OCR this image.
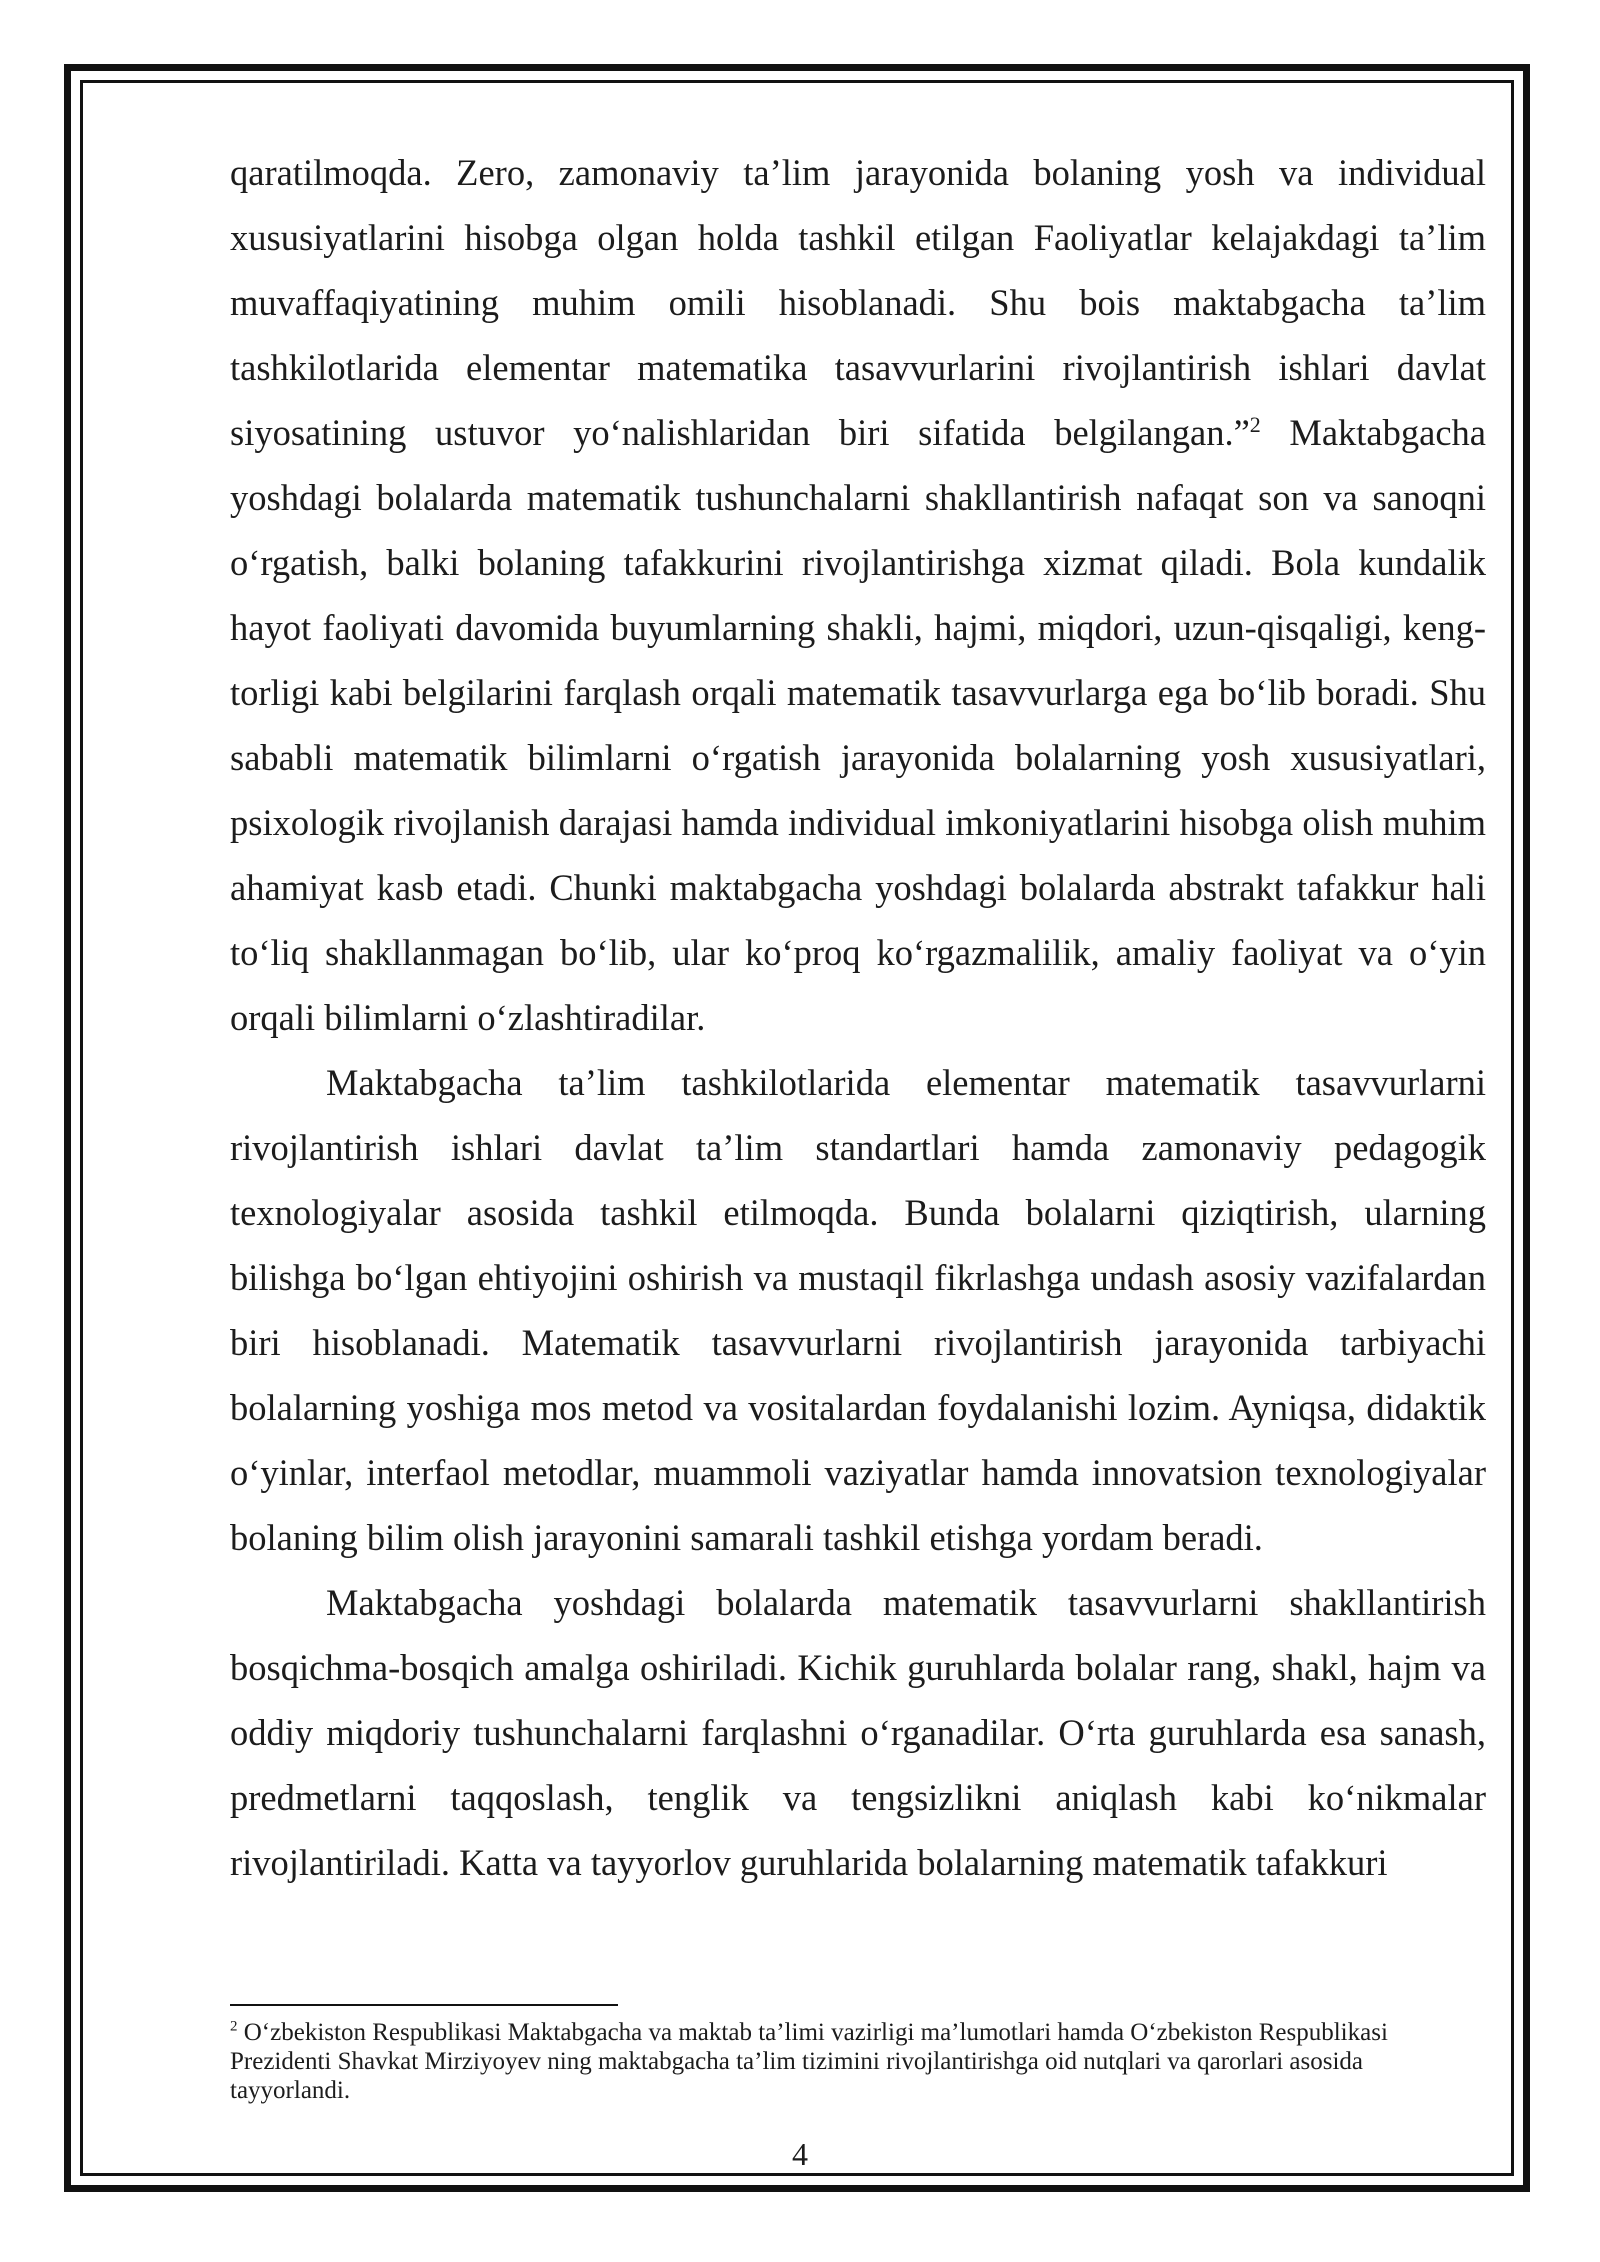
qaratilmoqda. Zero, zamonaviy ta’lim jarayonida bolaning yosh va individual xususiyatlarini hisobga olgan holda tashkil etilgan Faoliyatlar kelajakdagi ta’lim muvaffaqiyatining muhim omili hisoblanadi. Shu bois maktabgacha ta’lim tashkilotlarida elementar matematika tasavvurlarini rivojlantirish ishlari davlat siyosatining ustuvor yoʻnalishlaridan biri sifatida belgilangan.”$^2$ Maktabgacha yoshdagi bolalarda matematik tushunchalarni shakllantirish nafaqat son va sanoqni oʻrgatish, balki bolaning tafakkurini rivojlantirishga xizmat qiladi. Bola kundalik hayot faoliyati davomida buyumlarning shakli, hajmi, miqdori, uzun-qisqaligi, keng-torligi kabi belgilarini farqlash orqali matematik tasavvurlarga ega boʻlib boradi. Shu sababli matematik bilimlarni oʻrgatish jarayonida bolalarning yosh xususiyatlari, psixologik rivojlanish darajasi hamda individual imkoniyatlarini hisobga olish muhim ahamiyat kasb etadi. Chunki maktabgacha yoshdagi bolalarda abstrakt tafakkur hali toʻliq shakllanmagan boʻlib, ular koʻproq koʻrgazmalilik, amaliy faoliyat va oʻyin orqali bilimlarni oʻzlashtiradilar.

Maktabgacha ta’lim tashkilotlarida elementar matematik tasavvurlarni rivojlantirish ishlari davlat ta’lim standartlari hamda zamonaviy pedagogik texnologiyalar asosida tashkil etilmoqda. Bunda bolalarni qiziqtirish, ularning bilishga boʻlgan ehtiyojini oshirish va mustaqil fikrlashga undash asosiy vazifalardan biri hisoblanadi. Matematik tasavvurlarni rivojlantirish jarayonida tarbiyachi bolalarning yoshiga mos metod va vositalardan foydalanishi lozim. Ayniqsa, didaktik oʻyinlar, interfaol metodlar, muammoli vaziyatlar hamda innovatsion texnologiyalar bolaning bilim olish jarayonini samarali tashkil etishga yordam beradi.

Maktabgacha yoshdagi bolalarda matematik tasavvurlarni shakllantirish bosqichma-bosqich amalga oshiriladi. Kichik guruhlarda bolalar rang, shakl, hajm va oddiy miqdoriy tushunchalarni farqlashni oʻrganadilar. Oʻrta guruhlarda esa sanash, predmetlarni taqqoslash, tenglik va tengsizlikni aniqlash kabi koʻnikmalar rivojlantiriladi. Katta va tayyorlov guruhlarida bolalarning matematik tafakkuri

$^2$ Oʻzbekiston Respublikasi Maktabgacha va maktab ta’limi vazirligi ma’lumotlari hamda Oʻzbekiston Respublikasi Prezidenti Shavkat Mirziyoyev ning maktabgacha ta’lim tizimini rivojlantirishga oid nutqlari va qarorlari asosida tayyorlandi.

4
